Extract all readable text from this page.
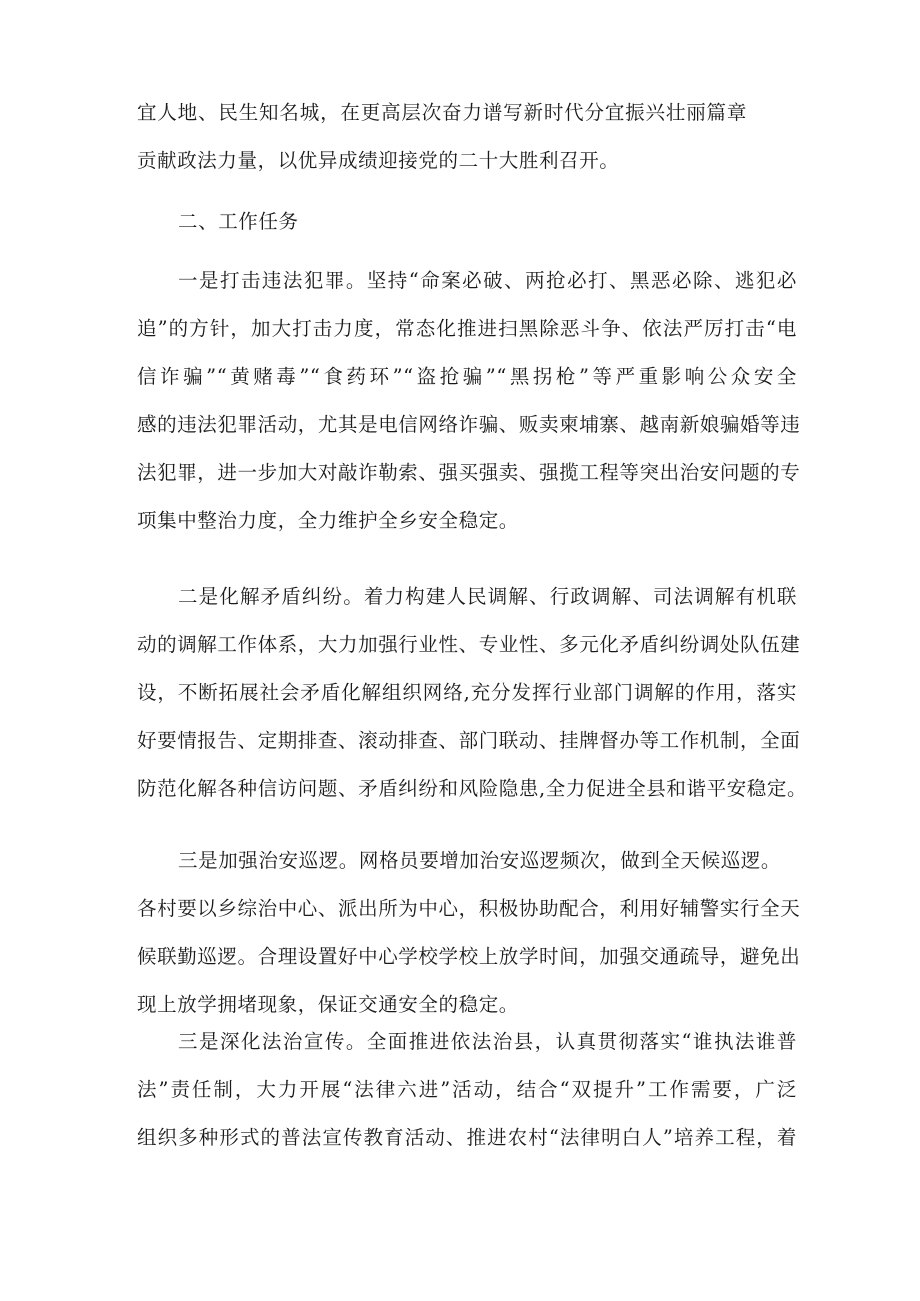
宜人地、民生知名城，在更高层次奋力谱写新时代分宜振兴壮丽篇章
贡献政法力量，以优异成绩迎接党的二十大胜利召开。
二、工作任务
一是打击违法犯罪。坚持“命案必破、两抢必打、黑恶必除、逃犯必
追”的方针，加大打击力度，常态化推进扫黑除恶斗争、依法严厉打击“电
信诈骗”“黄赌毒”“食药环”“盗抢骗”“黑拐枪”等严重影响公众安全
感的违法犯罪活动，尤其是电信网络诈骗、贩卖柬埔寨、越南新娘骗婚等违
法犯罪，进一步加大对敲诈勒索、强买强卖、强揽工程等突出治安问题的专
项集中整治力度，全力维护全乡安全稳定。
二是化解矛盾纠纷。着力构建人民调解、行政调解、司法调解有机联
动的调解工作体系，大力加强行业性、专业性、多元化矛盾纠纷调处队伍建
设，不断拓展社会矛盾化解组织网络,充分发挥行业部门调解的作用，落实
好要情报告、定期排查、滚动排查、部门联动、挂牌督办等工作机制，全面
防范化解各种信访问题、矛盾纠纷和风险隐患,全力促进全县和谐平安稳定。
三是加强治安巡逻。网格员要增加治安巡逻频次，做到全天候巡逻。
各村要以乡综治中心、派出所为中心，积极协助配合，利用好辅警实行全天
候联勤巡逻。合理设置好中心学校学校上放学时间，加强交通疏导，避免出
现上放学拥堵现象，保证交通安全的稳定。
三是深化法治宣传。全面推进依法治县，认真贯彻落实“谁执法谁普
法”责任制，大力开展“法律六进”活动，结合“双提升”工作需要，广泛
组织多种形式的普法宣传教育活动、推进农村“法律明白人”培养工程，着
